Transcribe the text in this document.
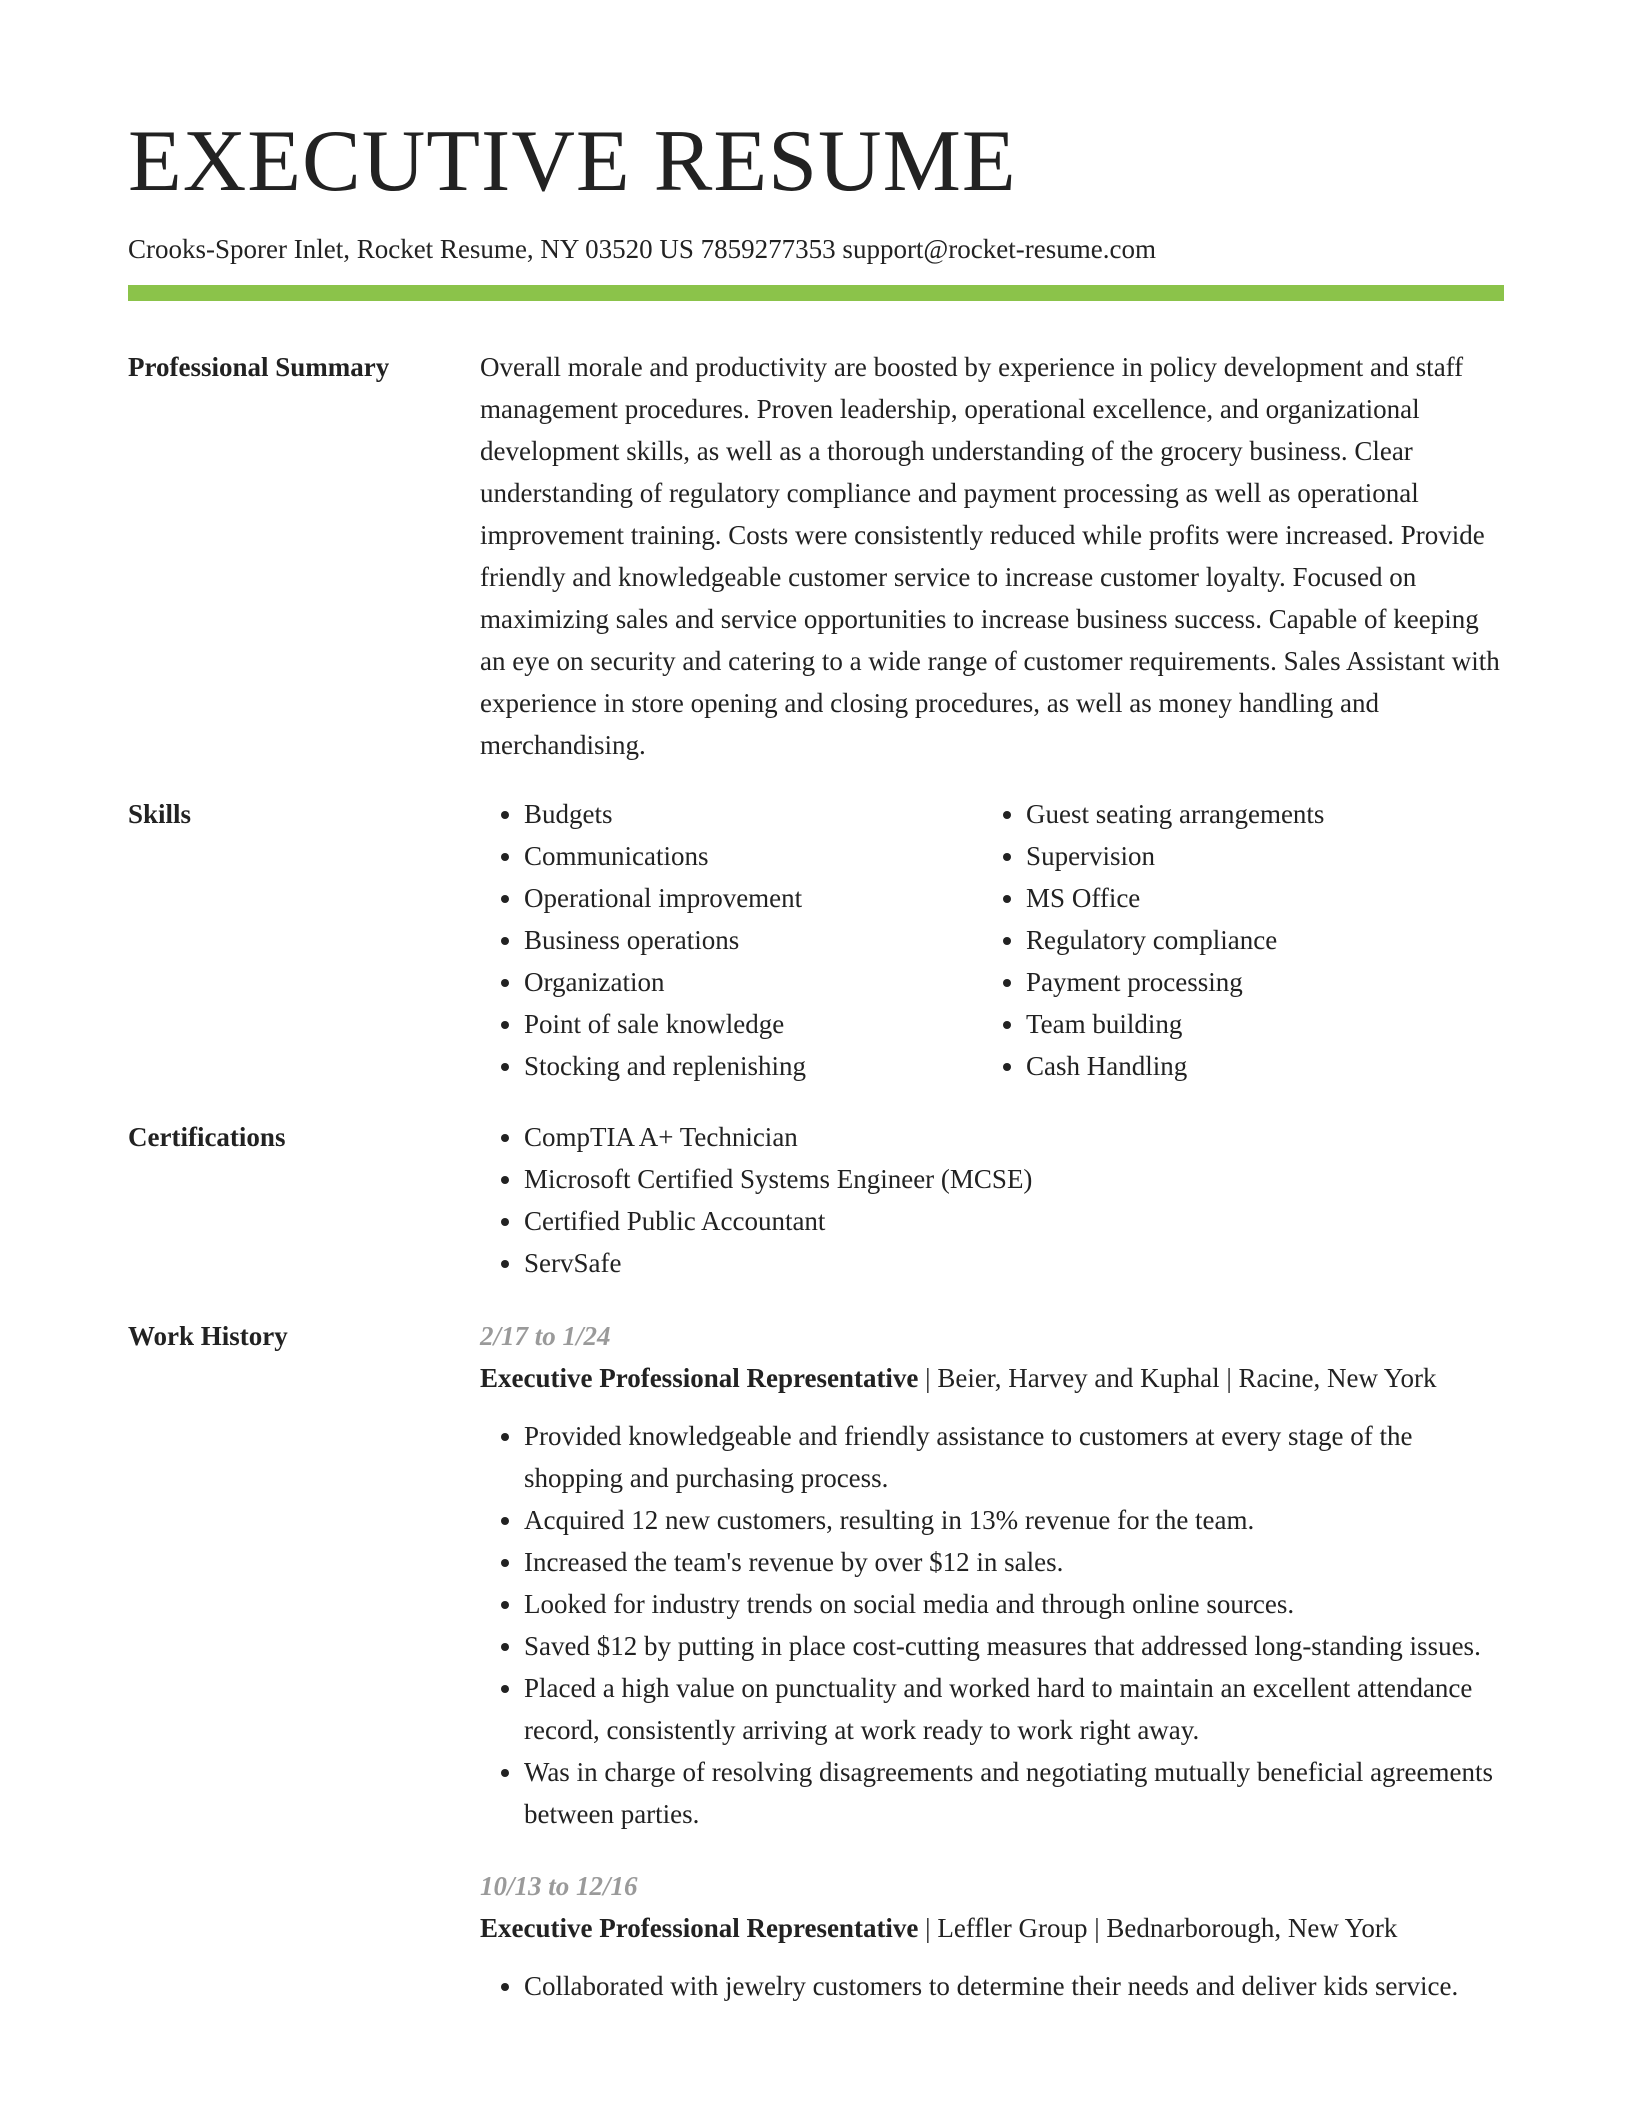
EXECUTIVE RESUME
Crooks-Sporer Inlet, Rocket Resume, NY 03520 US 7859277353 support@rocket-resume.com
Professional Summary	Overall morale and productivity are boosted by experience in policy development and staff management procedures. Proven leadership, operational excellence, and organizational development skills, as well as a thorough understanding of the grocery business. Clear understanding of regulatory compliance and payment processing as well as operational improvement training. Costs were consistently reduced while profits were increased. Provide friendly and knowledgeable customer service to increase customer loyalty. Focused on maximizing sales and service opportunities to increase business success. Capable of keeping an eye on security and catering to a wide range of customer requirements. Sales Assistant with experience in store opening and closing procedures, as well as money handling and merchandising.

Skills	• Budgets
• Communications
• Operational improvement
• Business operations
• Organization
• Point of sale knowledge
• Stocking and replenishing
• Guest seating arrangements
• Supervision
• MS Office
• Regulatory compliance
• Payment processing
• Team building
• Cash Handling
Certifications	• CompTIA A+ Technician
• Microsoft Certified Systems Engineer (MCSE)
• Certified Public Accountant
• ServSafe
Work History	2/17 to 1/24
Executive Professional Representative | Beier, Harvey and Kuphal | Racine, New York
• Provided knowledgeable and friendly assistance to customers at every stage of the shopping and purchasing process.
• Acquired 12 new customers, resulting in 13% revenue for the team.
• Increased the team's revenue by over $12 in sales.
• Looked for industry trends on social media and through online sources.
• Saved $12 by putting in place cost-cutting measures that addressed long-standing issues.
• Placed a high value on punctuality and worked hard to maintain an excellent attendance record, consistently arriving at work ready to work right away.
• Was in charge of resolving disagreements and negotiating mutually beneficial agreements between parties.
10/13 to 12/16
Executive Professional Representative | Leffler Group | Bednarborough, New York
• Collaborated with jewelry customers to determine their needs and deliver kids service.
